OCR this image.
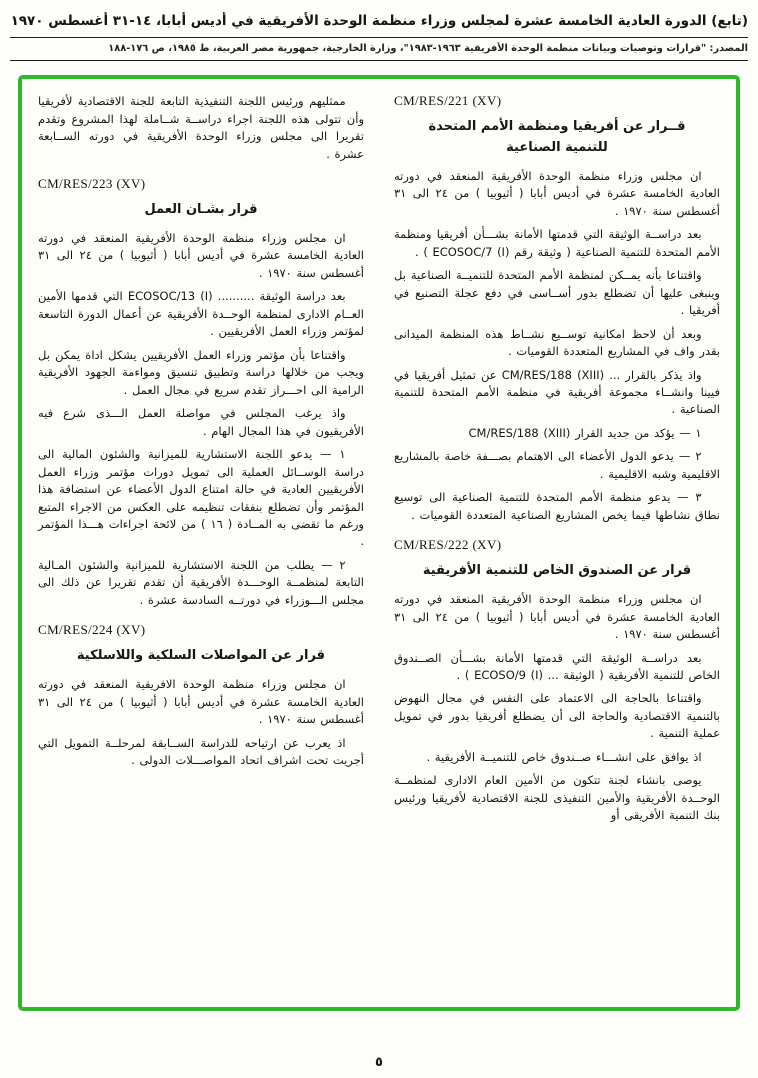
(تابع) الدورة العادية الخامسة عشرة لمجلس وزراء منظمة الوحدة الأفريقية في أديس أبابا، ١٤-٣١ أغسطس ١٩٧٠
المصدر: "قرارات وتوصيات وبيانات منظمة الوحدة الأفريقية ١٩٦٣-١٩٨٣"، وزارة الخارجية، جمهورية مصر العربية، ط ١٩٨٥، ص ١٧٦-١٨٨
CM/RES/221 (XV)
قــرار عن أفريقيا ومنظمة الأمم المتحدة للتنمية الصناعية
ان مجلس وزراء منظمة الوحدة الأفريقية المنعقد في دورته العادية الخامسة عشرة في أديس أبابا ( أثيوبيا ) من ٢٤ الى ٣١ أغسطس سنة ١٩٧٠ .
بعد دراســة الوثيقة التي قدمتها الأمانة بشـــأن أفريقيا ومنظمة الأمم المتحدة للتنمية الصناعية ( وثيقة رقم ECOSOC/7 (I) ) .
واقتناعا بأنه يمــكن لمنظمة الأمم المتحدة للتنميــة الصناعية بل وينبغى عليها أن تضطلع بدور أســاسى في دفع عجلة التصنيع في أفريقيا .
وبعد أن لاحظ امكانية توســيع نشــاط هذه المنظمة الميدانى بقدر واف في المشاريع المتعددة القوميات .
واذ يذكر بالقرار ... CM/RES/188 (XIII) عن تمثيل أفريقيا في فيينا وانشــاء مجموعة أفريقية في منظمة الأمم المتحدة للتنمية الصناعية .
١ — يؤكد من جديد القرار CM/RES/188 (XIII)
٢ — يدعو الدول الأعضاء الى الاهتمام بصـــفة خاصة بالمشاريع الاقليمية وشبه الاقليمية .
٣ — يدعو منظمة الأمم المتحدة للتنمية الصناعية الى توسيع نطاق نشاطها فيما يخص المشاريع الصناعية المتعددة القوميات .
CM/RES/222 (XV)
قرار عن الصندوق الخاص للتنمية الأفريقية
ان مجلس وزراء منظمة الوحدة الأفريقية المنعقد في دورته العادية الخامسة عشرة في أديس أبابا ( أثيوبيا ) من ٢٤ الى ٣١ أغسطس سنة ١٩٧٠ .
بعد دراســة الوثيقة التي قدمتها الأمانة بشـــأن الصــندوق الخاص للتنمية الأفريقية ( الوثيقة ... ECOSO/9 (I) ) .
واقتناعا بالحاجة الى الاعتماد على النفس في مجال النهوض بالتنمية الاقتصادية والحاجة الى أن يضطلع أفريقيا بدور في تمويل عملية التنمية .
اذ يوافق على انشـــاء صــندوق خاص للتنميــة الأفريقية .
يوصى بانشاء لجنة تتكون من الأمين العام الادارى لمنظمــة الوحــدة الأفريقية والأمين التنفيذى للجنة الاقتصادية لأفريقيا ورئيس بنك التنمية الأفريقى أو
ممثليهم ورئيس اللجنة التنفيذية التابعة للجنة الاقتصادية لأفريقيا وأن تتولى هذه اللجنة اجراء دراســة شــاملة لهذا المشروع وتقدم تقريرا الى مجلس وزراء الوحدة الأفريقية في دورته الســابعة عشرة .
CM/RES/223 (XV)
قرار بشـان العمل
ان مجلس وزراء منظمة الوحدة الأفريقية المنعقد في دورته العادية الخامسة عشرة في أديس أبابا ( أثيوبيا ) من ٢٤ الى ٣١ أغسطس سنة ١٩٧٠ .
بعد دراسة الوثيقة .......... ECOSOC/13 (I) التي قدمها الأمين العــام الادارى لمنظمة الوحــدة الأفريقية عن أعمال الدورة التاسعة لمؤتمر وزراء العمل الأفريقيين .
واقتناعا بأن مؤتمر وزراء العمل الأفريقيين يشكل اداة يمكن بل ويجب من خلالها دراسة وتطبيق تنسيق ومواءمة الجهود الأفريقية الرامية الى احـــراز تقدم سريع في مجال العمل .
واذ يرغب المجلس في مواصلة العمل الـــذى شرع فيه الأفريقيون في هذا المجال الهام .
١ — يدعو اللجنة الاستشارية للميزانية والشئون المالية الى دراسة الوســائل العملية الى تمويل دورات مؤتمر وزراء العمل الأفريقيين العادية في حالة امتناع الدول الأعضاء عن استضافة هذا المؤتمر وأن تضطلع بنفقات تنظيمه على العكس من الاجراء المتبع ورغم ما تقضى به المــادة ( ١٦ ) من لائحة اجراءات هـــذا المؤتمر .
٢ — يطلب من اللجنة الاستشارية للميزانية والشئون المـالية التابعة لمنظمــة الوحـــدة الأفريقية أن تقدم تقريرا عن ذلك الى مجلس الـــوزراء في دورتــه السادسة عشرة .
CM/RES/224 (XV)
قرار عن المواصلات السلكية واللاسلكية
ان مجلس وزراء منظمة الوحدة الافريقية المنعقد في دورته العادية الخامسة عشرة في أديس أبابا ( أثيوبيا ) من ٢٤ الى ٣١ أغسطس سنة ١٩٧٠ .
اذ يعرب عن ارتياحه للدراسة الســابقة لمرحلــة التمويل التي أجريت تحت اشراف اتحاد المواصـــلات الدولى .
٥
